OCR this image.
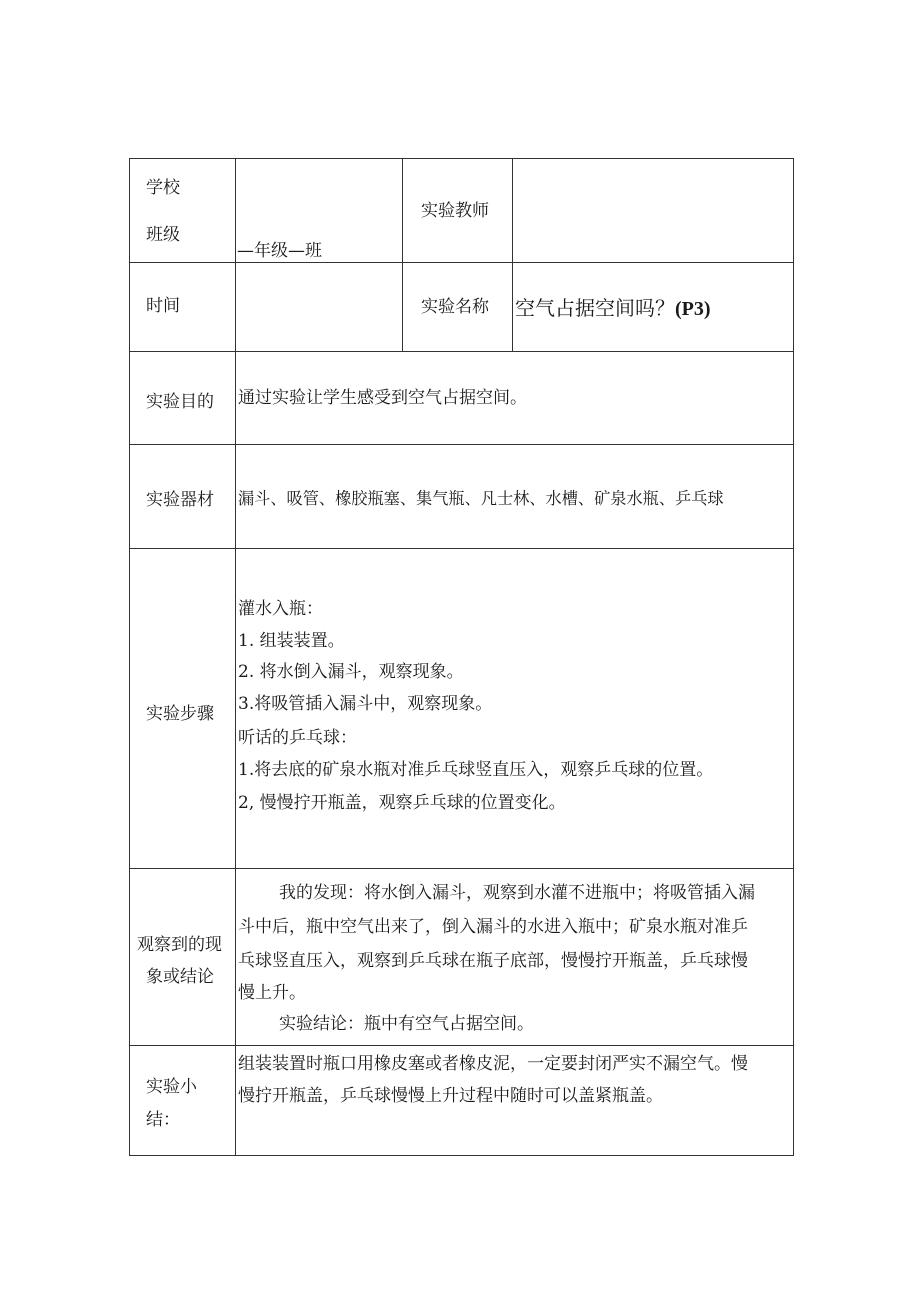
学校
班级
—年级—班
实验教师
时间	实验名称 空气占据空间吗？(P3)
实验目的 通过实验让学生感受到空气占据空间。
实验器材 漏斗、吸管、橡胶瓶塞、集气瓶、凡士林、水槽、矿泉水瓶、乒乓球
实验步骤
灌水入瓶：
1. 组装装置。
2. 将水倒入漏斗，观察现象。
3.将吸管插入漏斗中，观察现象。
听话的乒乓球：
1.将去底的矿泉水瓶对准乒乓球竖直压入，观察乒乓球的位置。
2, 慢慢拧开瓶盖，观察乒乓球的位置变化。
观察到的现
象或结论
我的发现：将水倒入漏斗，观察到水灌不进瓶中；将吸管插入漏
斗中后，瓶中空气出来了，倒入漏斗的水进入瓶中；矿泉水瓶对准乒
乓球竖直压入，观察到乒乓球在瓶子底部，慢慢拧开瓶盖，乒乓球慢
慢上升。
实验结论：瓶中有空气占据空间。
实验小
结：
组装装置时瓶口用橡皮塞或者橡皮泥，一定要封闭严实不漏空气。慢
慢拧开瓶盖，乒乓球慢慢上升过程中随时可以盖紧瓶盖。
